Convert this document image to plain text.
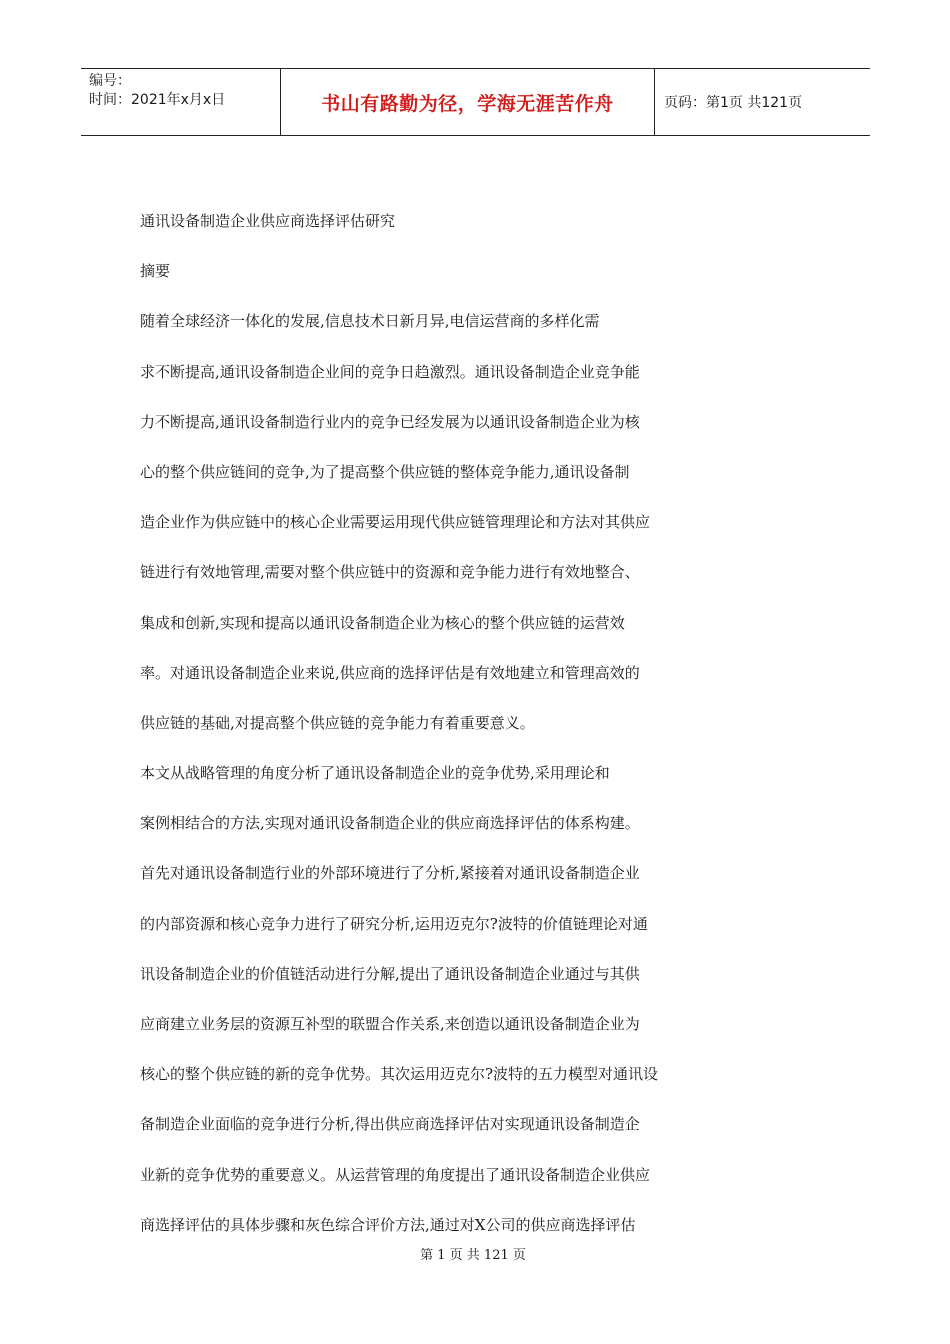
编号：
时间：2021年x月x日	书山有路勤为径，学海无涯苦作舟	页码：第1页 共121页
通讯设备制造企业供应商选择评估研究
摘要
随着全球经济一体化的发展,信息技术日新月异,电信运营商的多样化需
求不断提高,通讯设备制造企业间的竞争日趋激烈。通讯设备制造企业竞争能
力不断提高,通讯设备制造行业内的竞争已经发展为以通讯设备制造企业为核
心的整个供应链间的竞争,为了提高整个供应链的整体竞争能力,通讯设备制
造企业作为供应链中的核心企业需要运用现代供应链管理理论和方法对其供应
链进行有效地管理,需要对整个供应链中的资源和竞争能力进行有效地整合、
集成和创新,实现和提高以通讯设备制造企业为核心的整个供应链的运营效
率。对通讯设备制造企业来说,供应商的选择评估是有效地建立和管理高效的
供应链的基础,对提高整个供应链的竞争能力有着重要意义。
本文从战略管理的角度分析了通讯设备制造企业的竞争优势,采用理论和
案例相结合的方法,实现对通讯设备制造企业的供应商选择评估的体系构建。
首先对通讯设备制造行业的外部环境进行了分析,紧接着对通讯设备制造企业
的内部资源和核心竞争力进行了研究分析,运用迈克尔?波特的价值链理论对通
讯设备制造企业的价值链活动进行分解,提出了通讯设备制造企业通过与其供
应商建立业务层的资源互补型的联盟合作关系,来创造以通讯设备制造企业为
核心的整个供应链的新的竞争优势。其次运用迈克尔?波特的五力模型对通讯设
备制造企业面临的竞争进行分析,得出供应商选择评估对实现通讯设备制造企
业新的竞争优势的重要意义。从运营管理的角度提出了通讯设备制造企业供应
商选择评估的具体步骤和灰色综合评价方法,通过对X公司的供应商选择评估
第 1 页 共 121 页
